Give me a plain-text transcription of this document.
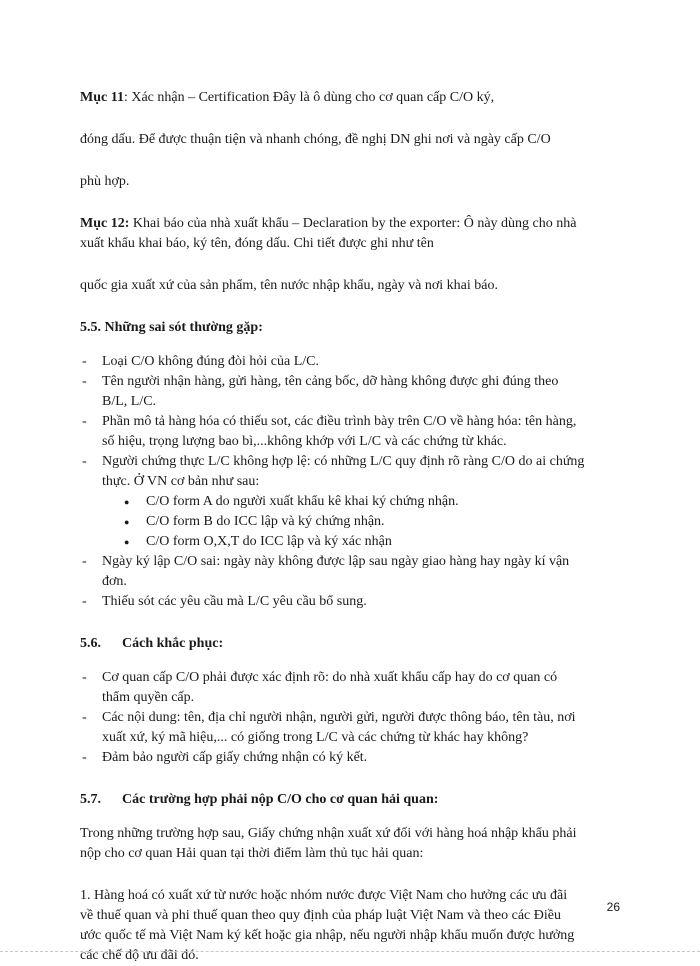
Mục 11: Xác nhận – Certification Đây là ô dùng cho cơ quan cấp C/O ký,

đóng dấu. Để được thuận tiện và nhanh chóng, đề nghị DN ghi nơi và ngày cấp C/O

phù hợp.

Mục 12: Khai báo của nhà xuất khẩu – Declaration by the exporter: Ô này dùng cho nhà

xuất khẩu khai báo, ký tên, đóng dấu. Chi tiết được ghi như tên

quốc gia xuất xứ của sản phẩm, tên nước nhập khẩu, ngày và nơi khai báo.

5.5. Những sai sót thường gặp:

- Loại C/O không đúng đòi hỏi của L/C.
- Tên người nhận hàng, gửi hàng, tên cảng bốc, dỡ hàng không được ghi đúng theo
B/L, L/C.
- Phần mô tả hàng hóa có thiếu sot, các điều trình bày trên C/O về hàng hóa: tên hàng,
số hiệu, trọng lượng bao bì,...không khớp với L/C và các chứng từ khác.
- Người chứng thực L/C không hợp lệ: có những L/C quy định rõ ràng C/O do ai chứng
thực. Ở VN cơ bản như sau:
● C/O form A do người xuất khẩu kê khai ký chứng nhận.
● C/O form B do ICC lập và ký chứng nhận.
● C/O form O,X,T do ICC lập và ký xác nhận
- Ngày ký lập C/O sai: ngày này không được lập sau ngày giao hàng hay ngày kí vận
đơn.
- Thiếu sót các yêu cầu mà L/C yêu cầu bổ sung.

5.6. Cách khắc phục:

- Cơ quan cấp C/O phải được xác định rõ: do nhà xuất khẩu cấp hay do cơ quan có
thẩm quyền cấp.
- Các nội dung: tên, địa chỉ người nhận, người gửi, người được thông báo, tên tàu, nơi
xuất xứ, ký mã hiệu,... có giống trong L/C và các chứng từ khác hay không?
- Đảm bảo người cấp giấy chứng nhận có ký kết.

5.7. Các trường hợp phải nộp C/O cho cơ quan hải quan:

Trong những trường hợp sau, Giấy chứng nhận xuất xứ đối với hàng hoá nhập khẩu phải
nộp cho cơ quan Hải quan tại thời điểm làm thủ tục hải quan:

1. Hàng hoá có xuất xứ từ nước hoặc nhóm nước được Việt Nam cho hưởng các ưu đãi
về thuế quan và phi thuế quan theo quy định của pháp luật Việt Nam và theo các Điều
ước quốc tế mà Việt Nam ký kết hoặc gia nhập, nếu người nhập khẩu muốn được hưởng
các chế độ ưu đãi đó.

26
